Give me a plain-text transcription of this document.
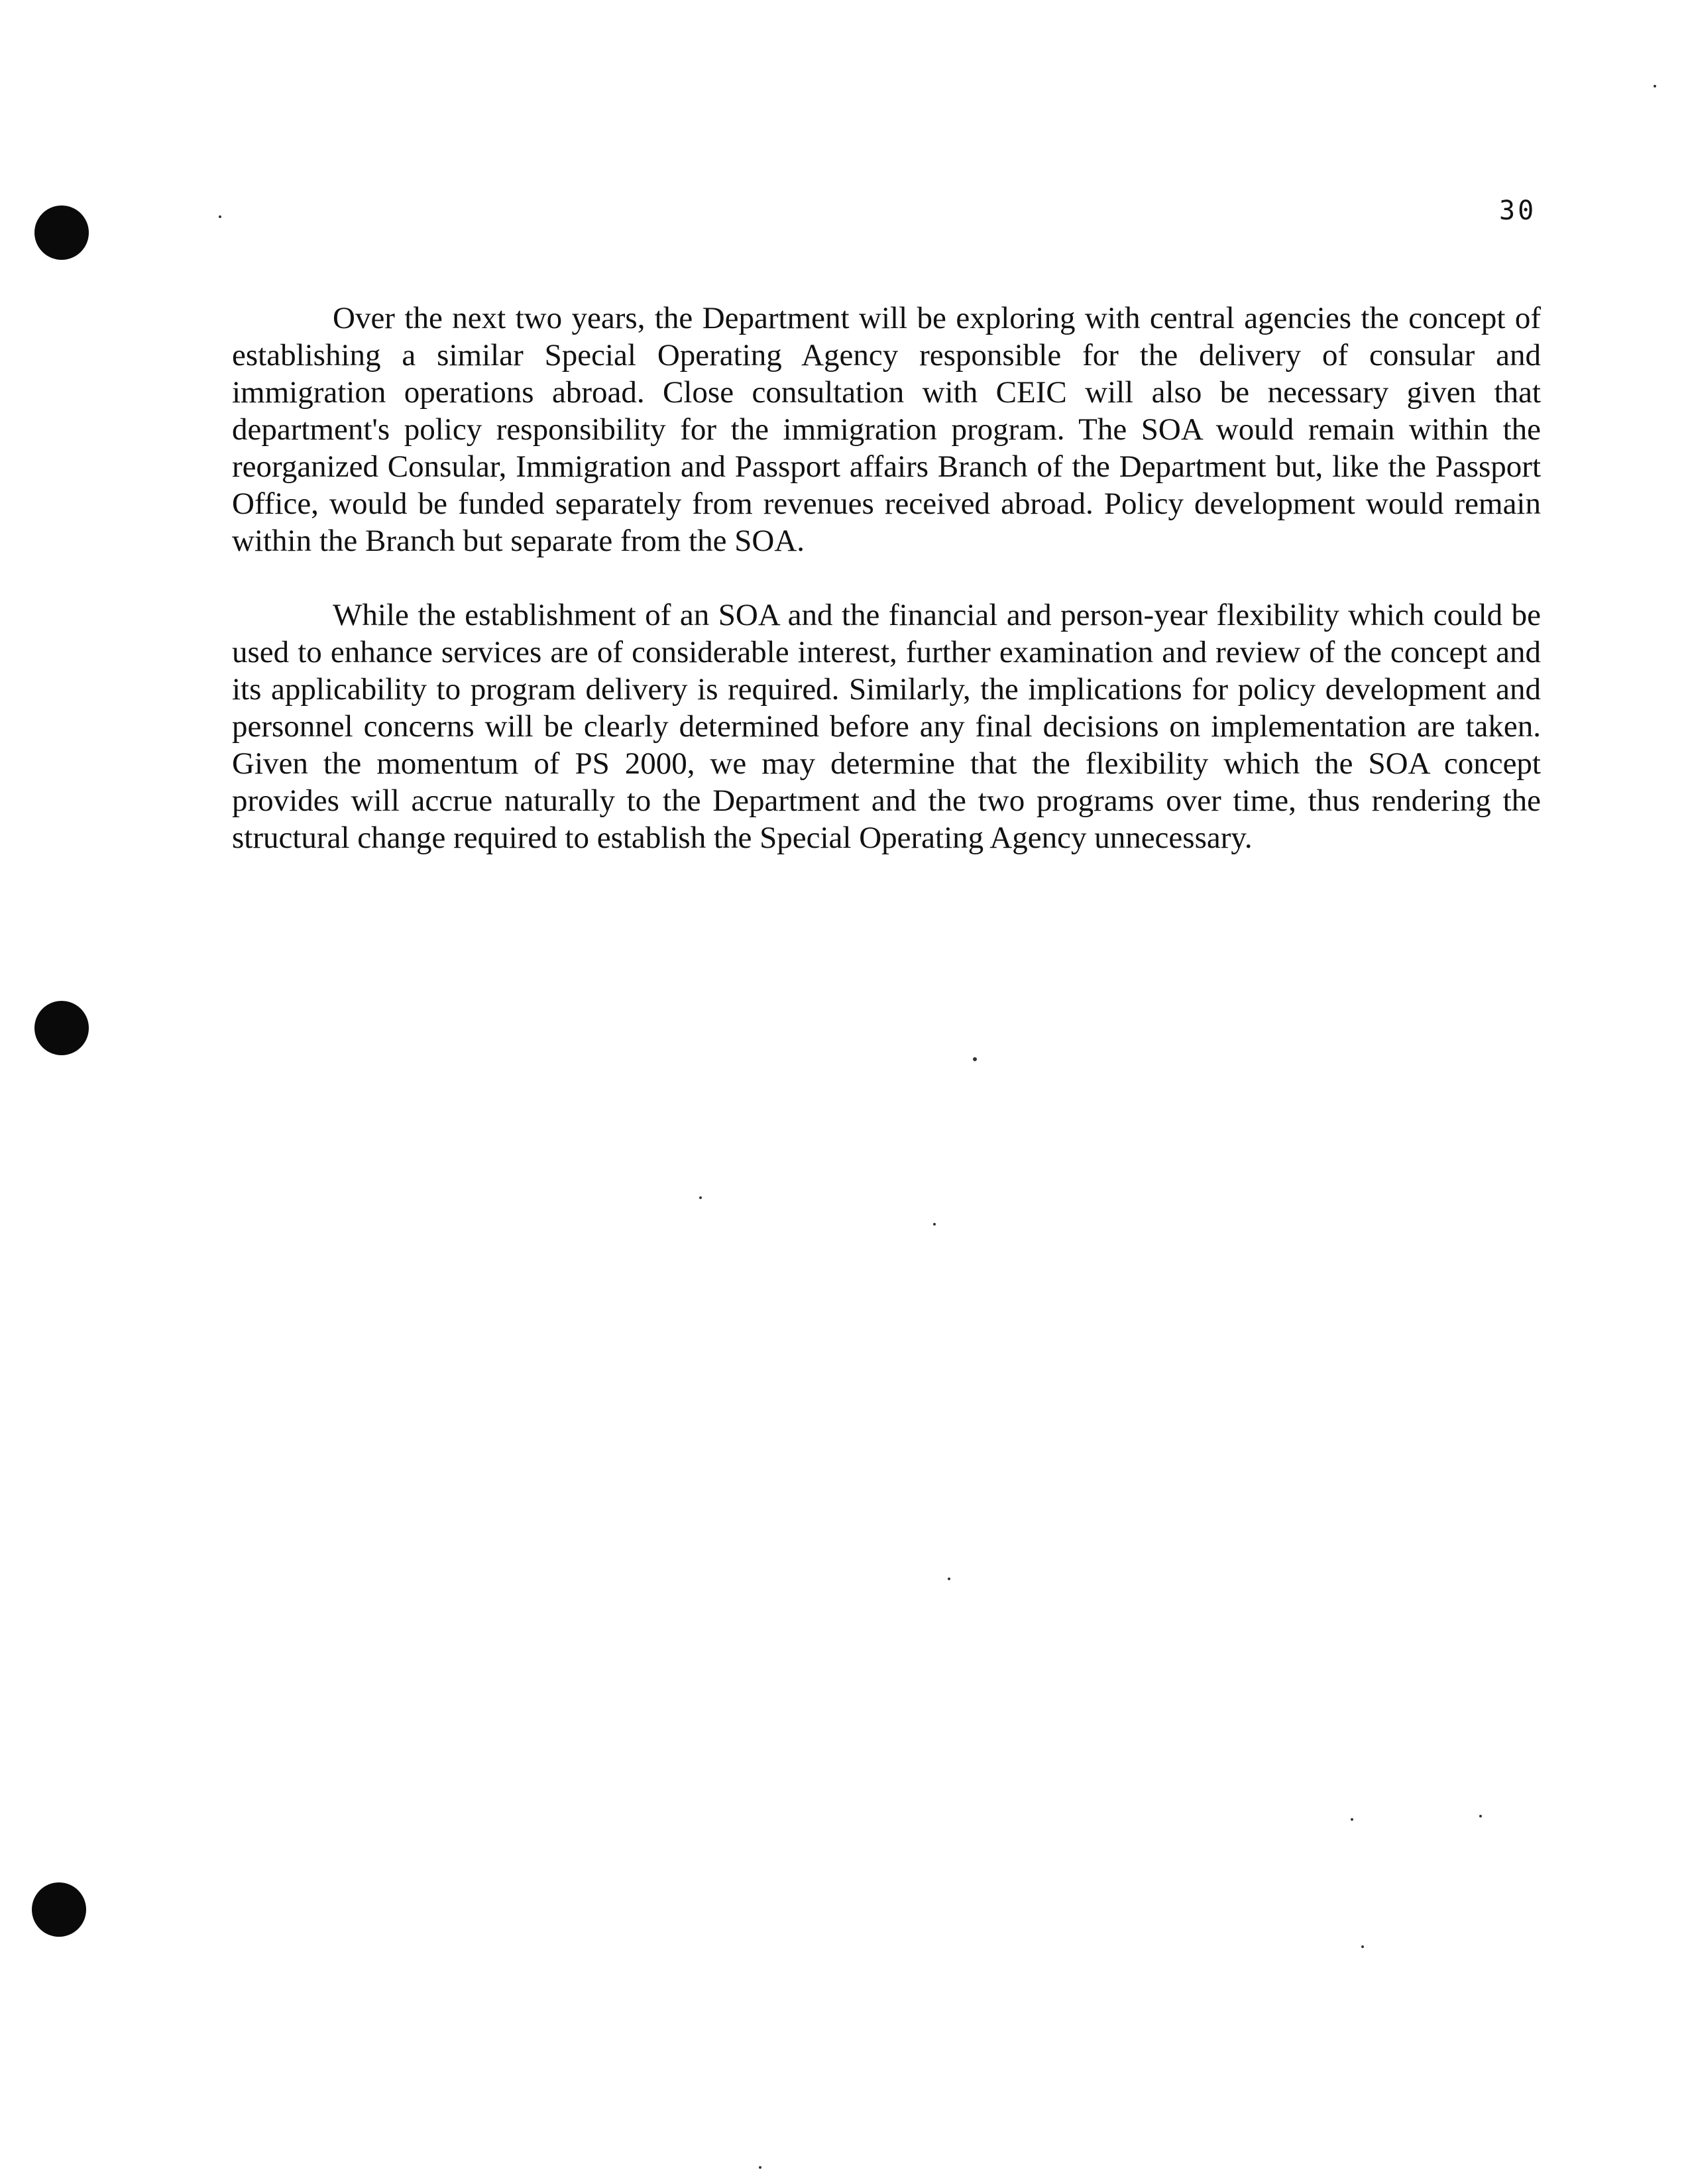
30

Over the next two years, the Department will be exploring with central agencies the concept of establishing a similar Special Operating Agency responsible for the delivery of consular and immigration operations abroad. Close consultation with CEIC will also be necessary given that department's policy responsibility for the immigration program. The SOA would remain within the reorganized Consular, Immigration and Passport affairs Branch of the Department but, like the Passport Office, would be funded separately from revenues received abroad. Policy development would remain within the Branch but separate from the SOA.

While the establishment of an SOA and the financial and person-year flexibility which could be used to enhance services are of considerable interest, further examination and review of the concept and its applicability to program delivery is required. Similarly, the implications for policy development and personnel concerns will be clearly determined before any final decisions on implementation are taken. Given the momentum of PS 2000, we may determine that the flexibility which the SOA concept provides will accrue naturally to the Department and the two programs over time, thus rendering the structural change required to establish the Special Operating Agency unnecessary.
